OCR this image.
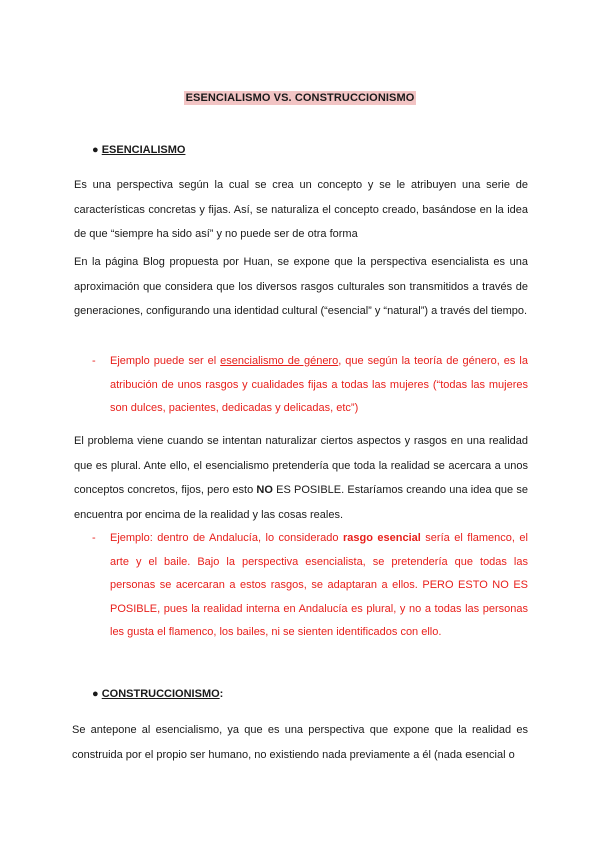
ESENCIALISMO VS. CONSTRUCCIONISMO
● ESENCIALISMO

Es una perspectiva según la cual se crea un concepto y se le atribuyen una serie de características concretas y fijas. Así, se naturaliza el concepto creado, basándose en la idea de que “siempre ha sido así” y no puede ser de otra forma

En la página Blog propuesta por Huan, se expone que la perspectiva esencialista es una aproximación que considera que los diversos rasgos culturales son transmitidos a través de generaciones, configurando una identidad cultural (“esencial” y “natural”) a través del tiempo.

-	Ejemplo puede ser el esencialismo de género, que según la teoría de género, es la atribución de unos rasgos y cualidades fijas a todas las mujeres (“todas las mujeres son dulces, pacientes, dedicadas y delicadas, etc”)

El problema viene cuando se intentan naturalizar ciertos aspectos y rasgos en una realidad que es plural. Ante ello, el esencialismo pretendería que toda la realidad se acercara a unos conceptos concretos, fijos, pero esto NO ES POSIBLE. Estaríamos creando una idea que se encuentra por encima de la realidad y las cosas reales.

-	Ejemplo: dentro de Andalucía, lo considerado rasgo esencial sería el flamenco, el arte y el baile. Bajo la perspectiva esencialista, se pretendería que todas las personas se acercaran a estos rasgos, se adaptaran a ellos. PERO ESTO NO ES POSIBLE, pues la realidad interna en Andalucía es plural, y no a todas las personas les gusta el flamenco, los bailes, ni se sienten identificados con ello.
● CONSTRUCCIONISMO:

Se antepone al esencialismo, ya que es una perspectiva que expone que la realidad es construida por el propio ser humano, no existiendo nada previamente a él (nada esencial o
